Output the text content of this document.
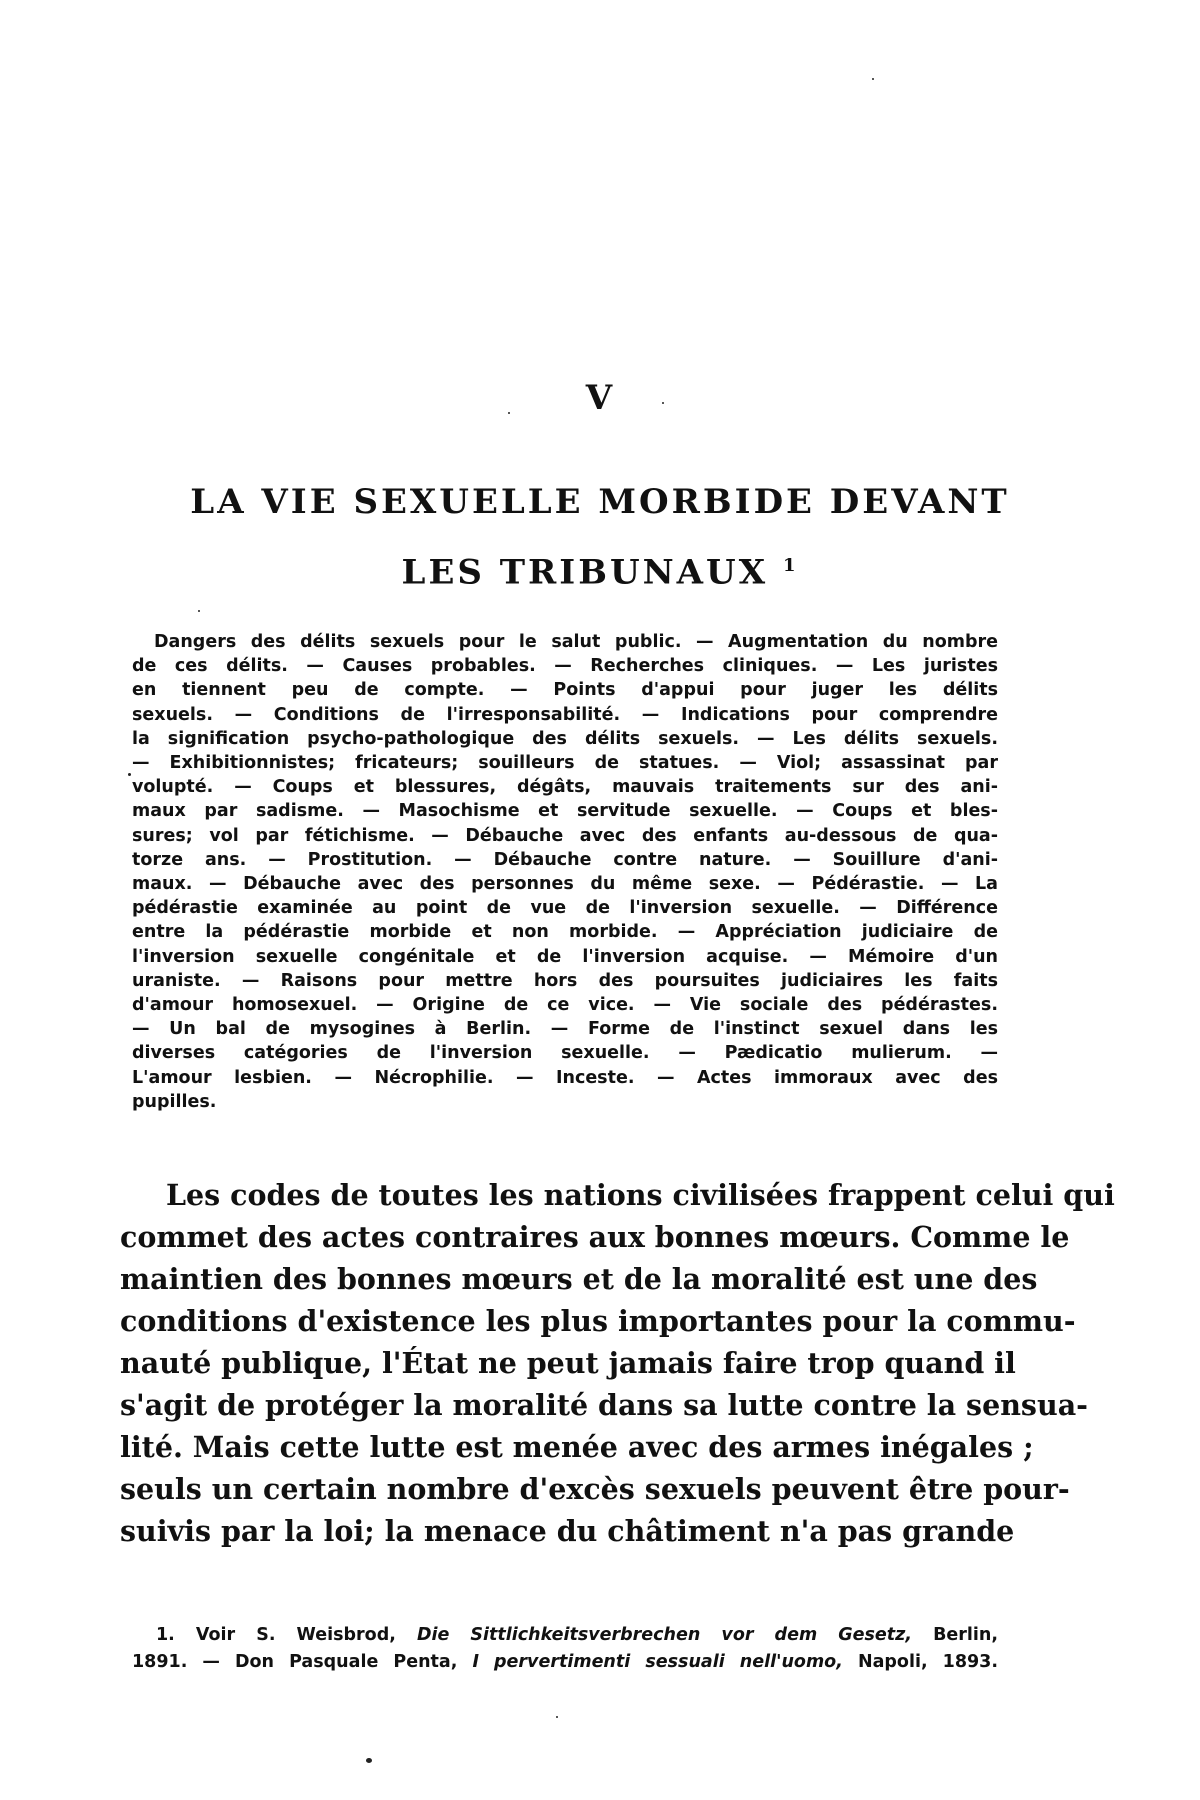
V
LA VIE SEXUELLE MORBIDE DEVANT
LES TRIBUNAUX $^1$
Dangers des délits sexuels pour le salut public. — Augmentation du nombre
de ces délits. — Causes probables. — Recherches cliniques. — Les juristes
en tiennent peu de compte. — Points d'appui pour juger les délits
sexuels. — Conditions de l'irresponsabilité. — Indications pour comprendre
la signification psycho-pathologique des délits sexuels. — Les délits sexuels.
— Exhibitionnistes; fricateurs; souilleurs de statues. — Viol; assassinat par
volupté. — Coups et blessures, dégâts, mauvais traitements sur des ani-
maux par sadisme. — Masochisme et servitude sexuelle. — Coups et bles-
sures; vol par fétichisme. — Débauche avec des enfants au-dessous de qua-
torze ans. — Prostitution. — Débauche contre nature. — Souillure d'ani-
maux. — Débauche avec des personnes du même sexe. — Pédérastie. — La
pédérastie examinée au point de vue de l'inversion sexuelle. — Différence
entre la pédérastie morbide et non morbide. — Appréciation judiciaire de
l'inversion sexuelle congénitale et de l'inversion acquise. — Mémoire d'un
uraniste. — Raisons pour mettre hors des poursuites judiciaires les faits
d'amour homosexuel. — Origine de ce vice. — Vie sociale des pédérastes.
— Un bal de mysogines à Berlin. — Forme de l'instinct sexuel dans les
diverses catégories de l'inversion sexuelle. — Pædicatio mulierum. —
L'amour lesbien. — Nécrophilie. — Inceste. — Actes immoraux avec des
pupilles.
Les codes de toutes les nations civilisées frappent celui qui
commet des actes contraires aux bonnes mœurs. Comme le
maintien des bonnes mœurs et de la moralité est une des
conditions d'existence les plus importantes pour la commu-
nauté publique, l'État ne peut jamais faire trop quand il
s'agit de protéger la moralité dans sa lutte contre la sensua-
lité. Mais cette lutte est menée avec des armes inégales ;
seuls un certain nombre d'excès sexuels peuvent être pour-
suivis par la loi; la menace du châtiment n'a pas grande
1. Voir S. Weisbrod, Die Sittlichkeitsverbrechen vor dem Gesetz, Berlin,
1891. — Don Pasquale Penta, I pervertimenti sessuali nell'uomo, Napoli, 1893.
